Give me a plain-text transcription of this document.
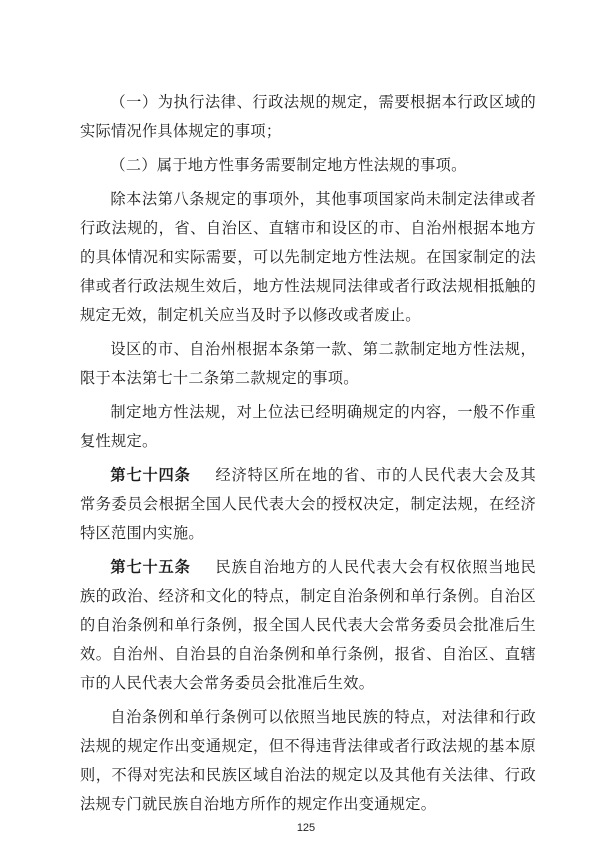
（一）为执行法律、行政法规的规定，需要根据本行政区域的实际情况作具体规定的事项；

（二）属于地方性事务需要制定地方性法规的事项。

除本法第八条规定的事项外，其他事项国家尚未制定法律或者行政法规的，省、自治区、直辖市和设区的市、自治州根据本地方的具体情况和实际需要，可以先制定地方性法规。在国家制定的法律或者行政法规生效后，地方性法规同法律或者行政法规相抵触的规定无效，制定机关应当及时予以修改或者废止。

设区的市、自治州根据本条第一款、第二款制定地方性法规，限于本法第七十二条第二款规定的事项。

制定地方性法规，对上位法已经明确规定的内容，一般不作重复性规定。

第七十四条 经济特区所在地的省、市的人民代表大会及其常务委员会根据全国人民代表大会的授权决定，制定法规，在经济特区范围内实施。

第七十五条 民族自治地方的人民代表大会有权依照当地民族的政治、经济和文化的特点，制定自治条例和单行条例。自治区的自治条例和单行条例，报全国人民代表大会常务委员会批准后生效。自治州、自治县的自治条例和单行条例，报省、自治区、直辖市的人民代表大会常务委员会批准后生效。

自治条例和单行条例可以依照当地民族的特点，对法律和行政法规的规定作出变通规定，但不得违背法律或者行政法规的基本原则，不得对宪法和民族区域自治法的规定以及其他有关法律、行政法规专门就民族自治地方所作的规定作出变通规定。

125
